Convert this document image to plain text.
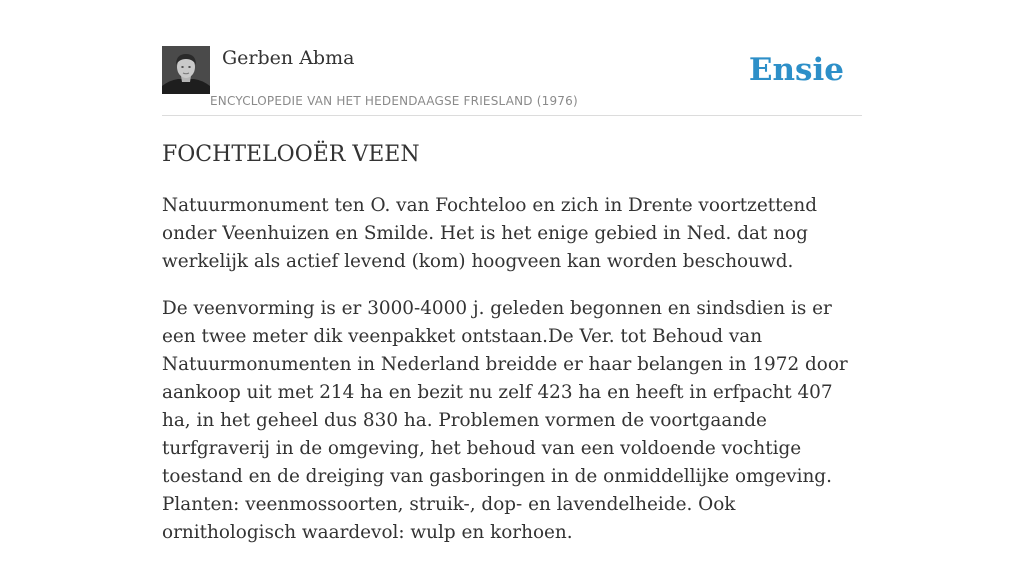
Gerben Abma
ENCYCLOPEDIE VAN HET HEDENDAAGSE FRIESLAND (1976)
Ensie
FOCHTELOOËR VEEN

Natuurmonument ten O. van Fochteloo en zich in Drente voortzettend onder Veenhuizen en Smilde. Het is het enige gebied in Ned. dat nog werkelijk als actief levend (kom) hoogveen kan worden beschouwd.

De veenvorming is er 3000-4000 j. geleden begonnen en sindsdien is er een twee meter dik veenpakket ontstaan.De Ver. tot Behoud van Natuurmonumenten in Nederland breidde er haar belangen in 1972 door aankoop uit met 214 ha en bezit nu zelf 423 ha en heeft in erfpacht 407 ha, in het geheel dus 830 ha. Problemen vormen de voortgaande turfgraverij in de omgeving, het behoud van een voldoende vochtige toestand en de dreiging van gasboringen in de onmiddellijke omgeving. Planten: veenmossoorten, struik-, dop- en lavendelheide. Ook ornithologisch waardevol: wulp en korhoen.
